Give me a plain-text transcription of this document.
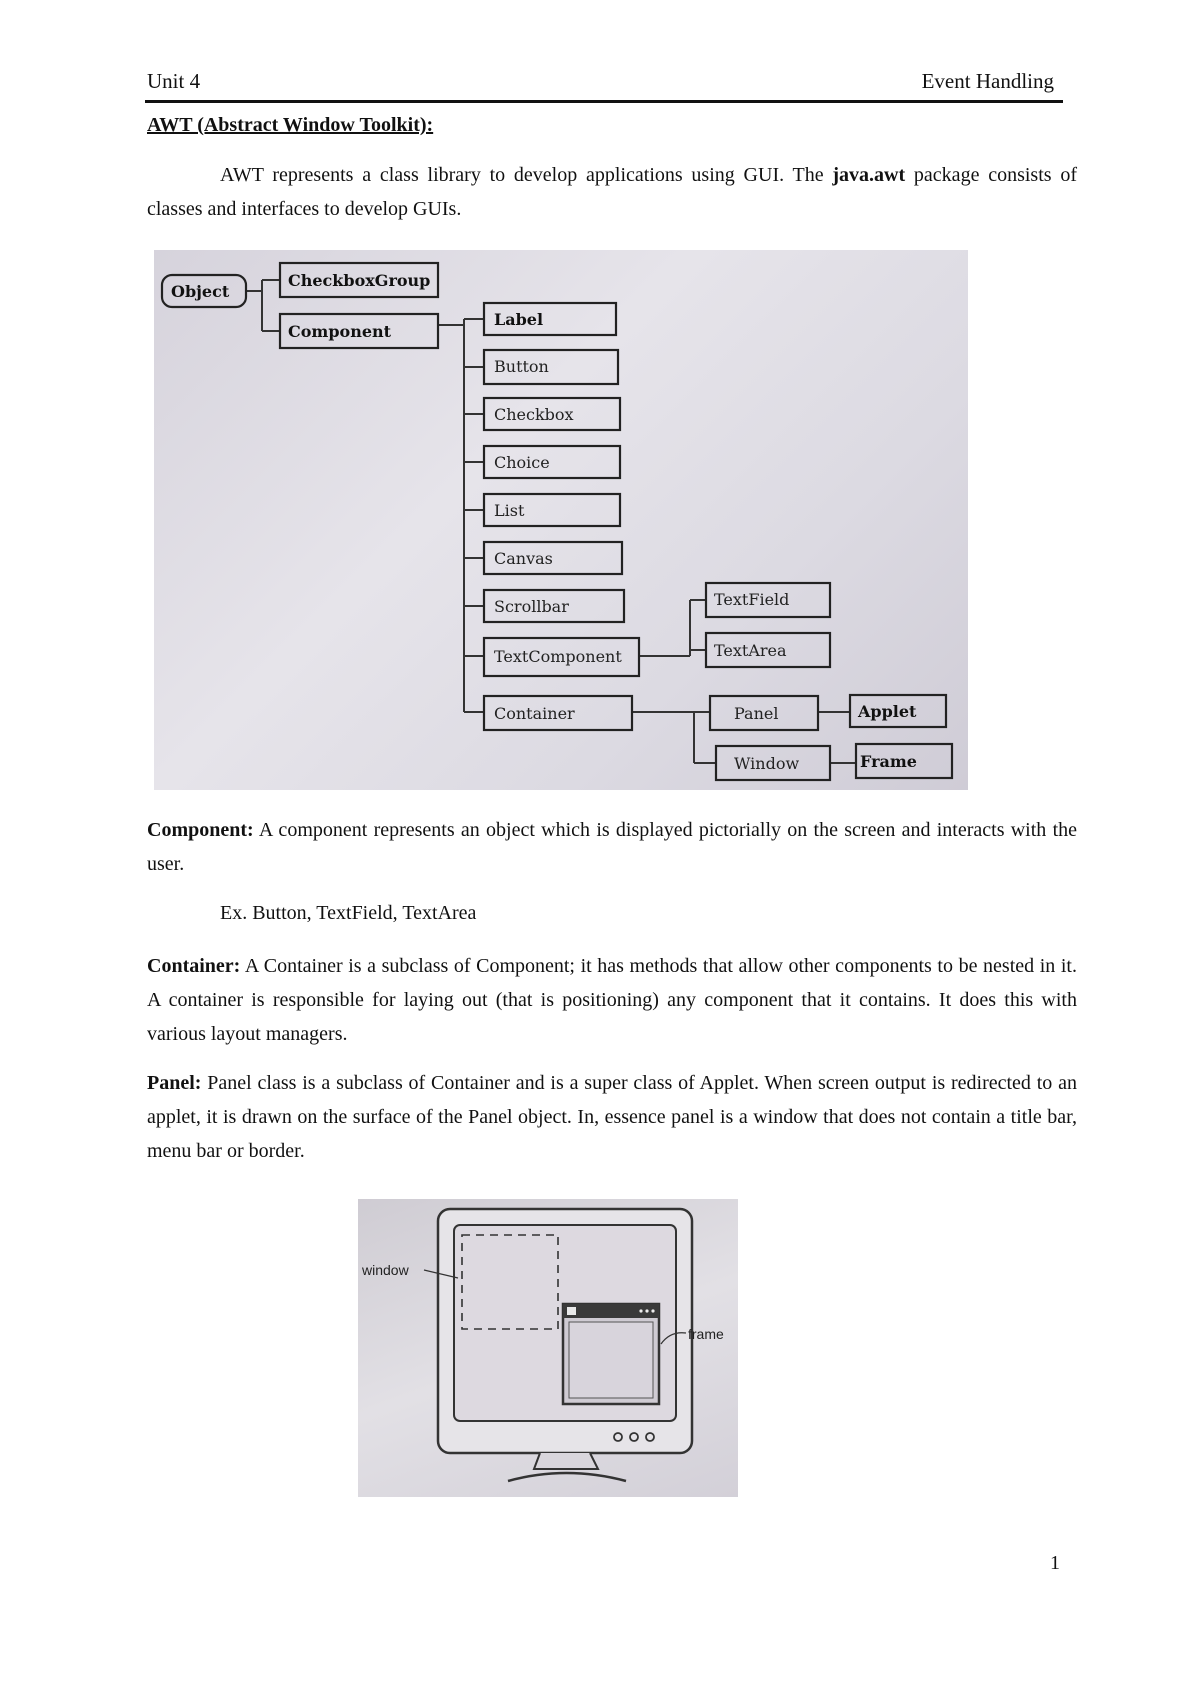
Unit 4	Event Handling
AWT (Abstract Window Toolkit):

AWT represents a class library to develop applications using GUI. The java.awt package consists of classes and interfaces to develop GUIs.

Object
CheckboxGroup
Component
Label
Button
Checkbox
Choice
List
Canvas
Scrollbar
TextComponent
Container
TextField
TextArea
Panel
Window
Applet
Frame

Component: A component represents an object which is displayed pictorially on the screen and interacts with the user.

Ex. Button, TextField, TextArea

Container: A Container is a subclass of Component; it has methods that allow other components to be nested in it. A container is responsible for laying out (that is positioning) any component that it contains. It does this with various layout managers.

Panel: Panel class is a subclass of Container and is a super class of Applet. When screen output is redirected to an applet, it is drawn on the surface of the Panel object. In, essence panel is a window that does not contain a title bar, menu bar or border.

window
frame
1
